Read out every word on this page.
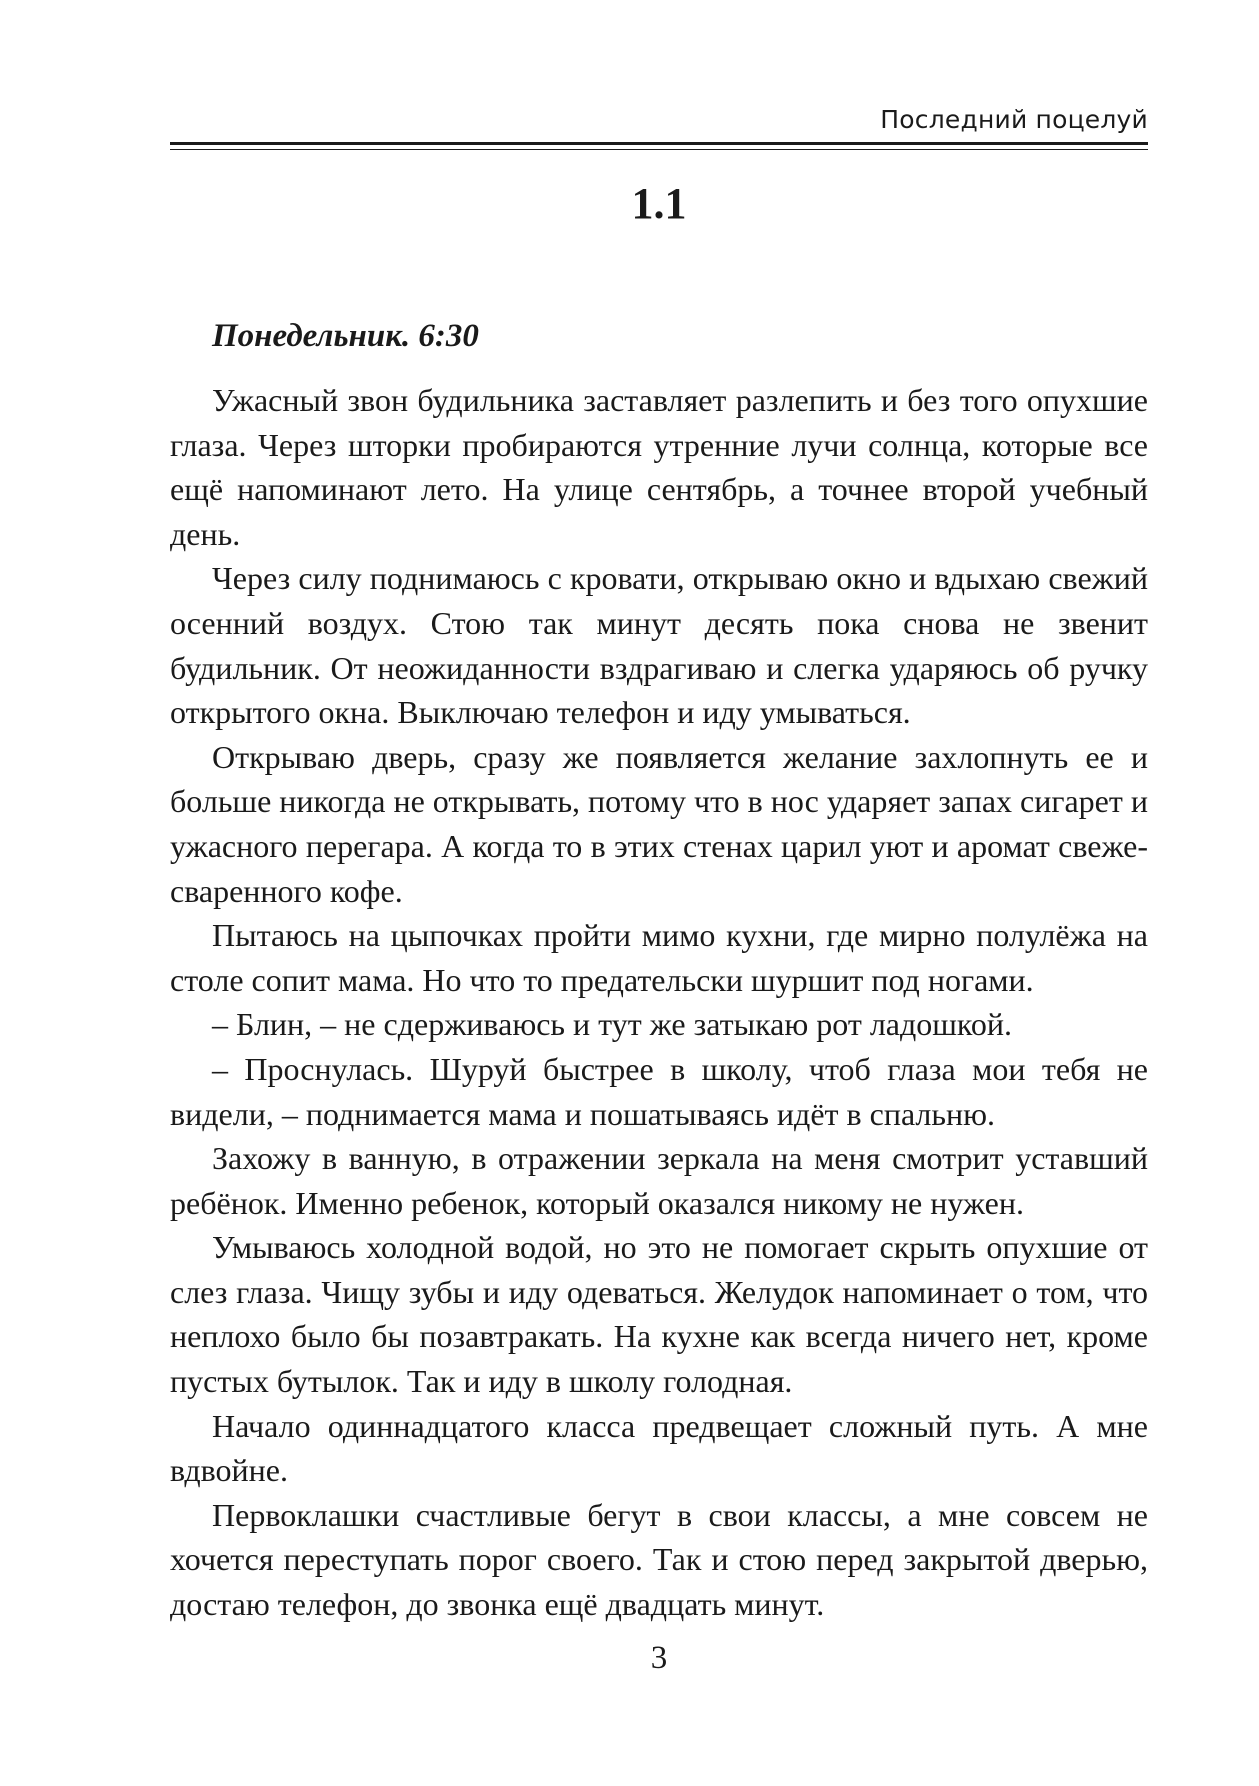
Последний поцелуй
1.1
Понедельник. 6:30

Ужасный звон будильника заставляет разлепить и без того опухшие глаза. Через шторки пробираются утренние лучи солнца, которые все ещё напоминают лето. На улице сентябрь, а точнее второй учебный день.

Через силу поднимаюсь с кровати, открываю окно и вдыхаю свежий осенний воздух. Стою так минут десять пока снова не звенит будильник. От неожиданности вздрагиваю и слегка ударяюсь об ручку открытого окна. Выключаю телефон и иду умываться.

Открываю дверь, сразу же появляется желание захлопнуть ее и больше никогда не открывать, потому что в нос ударяет запах сигарет и ужасного перегара. А когда то в этих стенах царил уют и аромат свеже-сваренного кофе.

Пытаюсь на цыпочках пройти мимо кухни, где мирно полулёжа на столе сопит мама. Но что то предательски шуршит под ногами.

– Блин, – не сдерживаюсь и тут же затыкаю рот ладошкой.

– Проснулась. Шуруй быстрее в школу, чтоб глаза мои тебя не видели, – поднимается мама и пошатываясь идёт в спальню.

Захожу в ванную, в отражении зеркала на меня смотрит уставший ребёнок. Именно ребенок, который оказался никому не нужен.

Умываюсь холодной водой, но это не помогает скрыть опухшие от слез глаза. Чищу зубы и иду одеваться. Желудок напоминает о том, что неплохо было бы позавтракать. На кухне как всегда ничего нет, кроме пустых бутылок. Так и иду в школу голодная.

Начало одиннадцатого класса предвещает сложный путь. А мне вдвойне.

Первоклашки счастливые бегут в свои классы, а мне совсем не хочется переступать порог своего. Так и стою перед закрытой дверью, достаю телефон, до звонка ещё двадцать минут.

3
